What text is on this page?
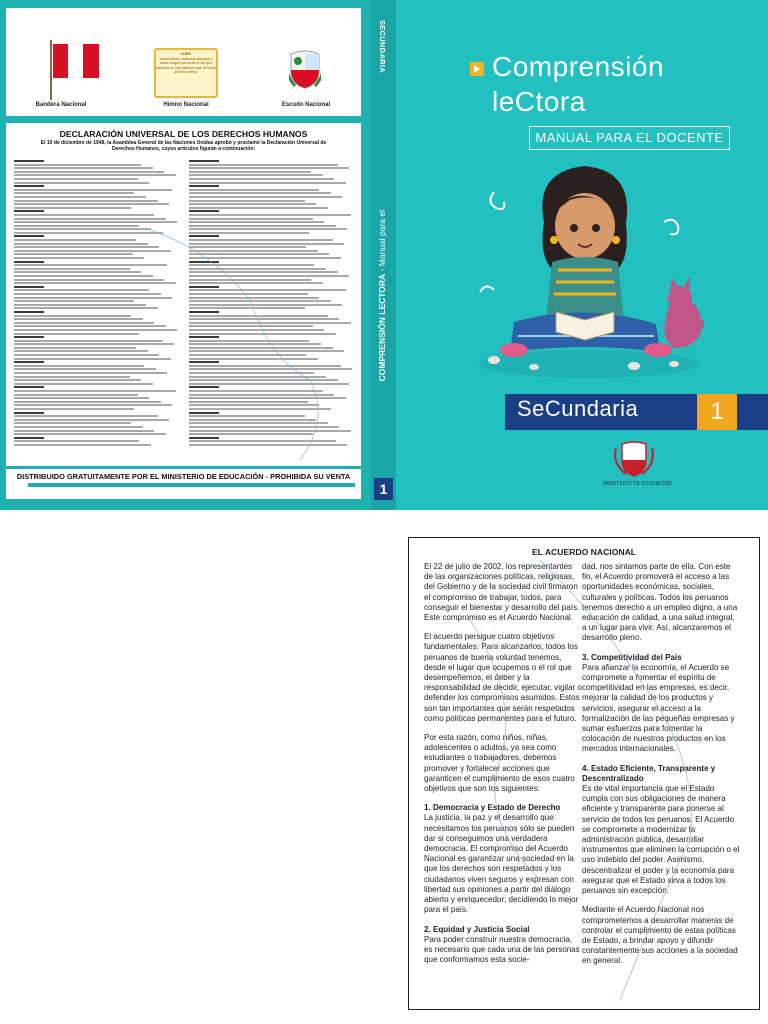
Bandera Nacional
CORO
Somos libres, seámoslo siempre y antes niegue sus luces el Sol que faltemos al voto solemne que la Patria al Eterno elevó.
Himno Nacional	Escudo Nacional
DECLARACIÓN UNIVERSAL DE LOS DERECHOS HUMANOS
El 10 de diciembre de 1948, la Asamblea General de las Naciones Unidas aprobó y proclamó la Declaración Universal de Derechos Humanos, cuyos artículos figuran a continuación:
DISTRIBUIDO GRATUITAMENTE POR EL MINISTERIO DE EDUCACIÓN - PROHIBIDA SU VENTA
SECUNDARIA
COMPRENSIÓN LECTORA - Manual para el
1
Comprensión
leCtora
MANUAL PARA EL DOCENTE
SeCundaria	1
MINISTERIO DE EDUCACIÓN
EL ACUERDO NACIONAL

El 22 de julio de 2002, los representantes de las organizaciones políticas, religiosas, del Gobierno y de la sociedad civil firmaron el compromiso de trabajar, todos, para conseguir el bienestar y desarrollo del país. Este compromiso es el Acuerdo Nacional.

El acuerdo persigue cuatro objetivos fundamentales. Para alcanzarlos, todos los peruanos de buena voluntad tenemos, desde el lugar que ocupemos o el rol que desempeñemos, el deber y la responsabilidad de decidir, ejecutar, vigilar o defender los compromisos asumidos. Estos son tan importantes que serán respetados como políticas permanentes para el futuro.

Por esta razón, como niños, niñas, adolescentes o adultos, ya sea como estudiantes o trabajadores, debemos promover y fortalecer acciones que garanticen el cumplimiento de esos cuatro objetivos que son los siguientes:

1. Democracia y Estado de Derecho

La justicia, la paz y el desarrollo que necesitamos los peruanos sólo se pueden dar si conseguimos una verdadera democracia. El compromiso del Acuerdo Nacional es garantizar una sociedad en la que los derechos son respetados y los ciudadanos viven seguros y expresan con libertad sus opiniones a partir del diálogo abierto y enriquecedor; decidiendo lo mejor para el país.

2. Equidad y Justicia Social

Para poder construir nuestra democracia, es necesario que cada una de las personas que conformamos esta socie-

dad, nos sintamos parte de ella. Con este fin, el Acuerdo promoverá el acceso a las oportunidades económicas, sociales, culturales y políticas. Todos los peruanos tenemos derecho a un empleo digno, a una educación de calidad, a una salud integral, a un lugar para vivir. Así, alcanzaremos el desarrollo pleno.

3. Competitividad del País

Para afianzar la economía, el Acuerdo se compromete a fomentar el espíritu de competitividad en las empresas, es decir, mejorar la calidad de los productos y servicios, asegurar el acceso a la formalización de las pequeñas empresas y sumar esfuerzos para fomentar la colocación de nuestros productos en los mercados internacionales.

4. Estado Eficiente, Transparente y Descentralizado

Es de vital importancia que el Estado cumpla con sus obligaciones de manera eficiente y transparente para ponerse al servicio de todos los peruanos. El Acuerdo se compromete a modernizar la administración pública, desarrollar instrumentos que eliminen la corrupción o el uso indebido del poder. Asimismo, descentralizar el poder y la economía para asegurar que el Estado sirva a todos los peruanos sin excepción.

Mediante el Acuerdo Nacional nos comprometemos a desarrollar maneras de controlar el cumplimiento de estas políticas de Estado, a brindar apoyo y difundir constantemente sus acciones a la sociedad en general.
